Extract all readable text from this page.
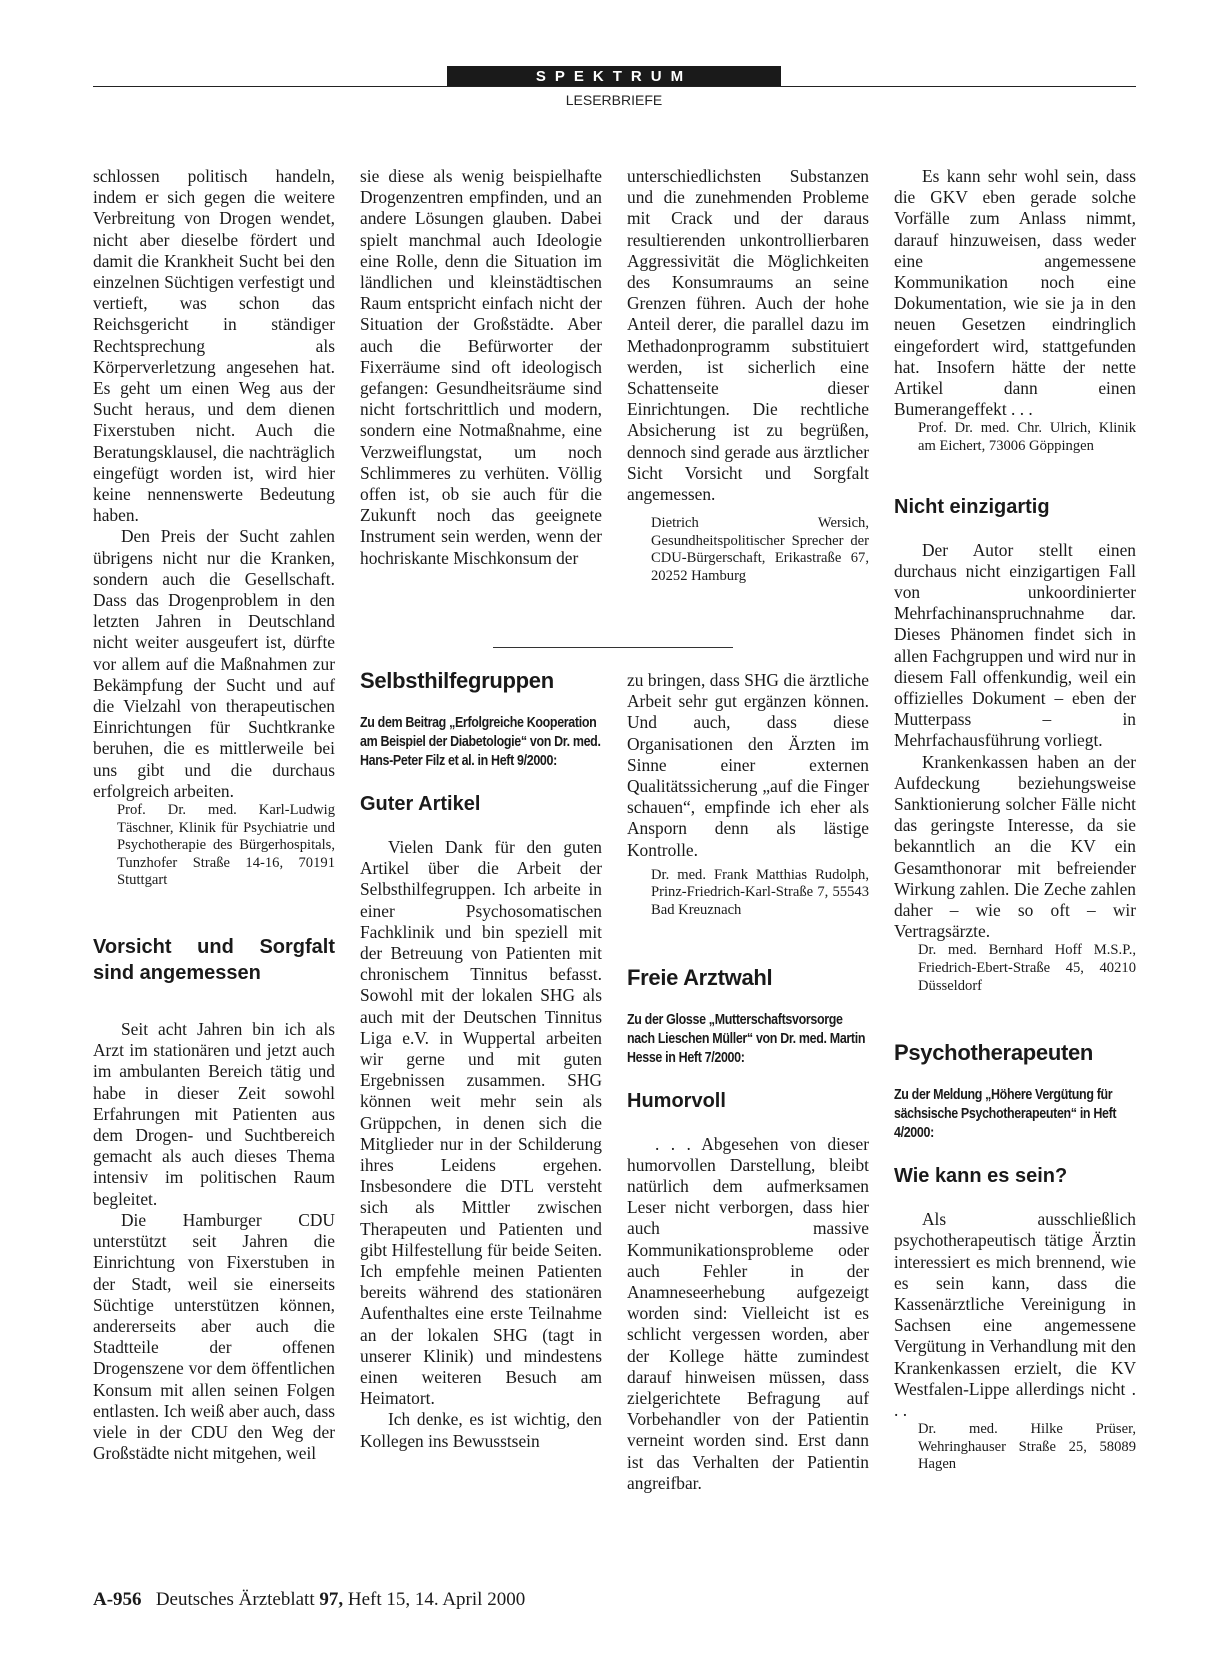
SPEKTRUM
LESERBRIEFE

schlossen politisch handeln, indem er sich gegen die weitere Verbreitung von Drogen wendet, nicht aber dieselbe fördert und damit die Krankheit Sucht bei den einzelnen Süchtigen verfestigt und vertieft, was schon das Reichsgericht in ständiger Rechtsprechung als Körperverletzung angesehen hat. Es geht um einen Weg aus der Sucht heraus, und dem dienen Fixerstuben nicht. Auch die Beratungsklausel, die nachträglich eingefügt worden ist, wird hier keine nennenswerte Bedeutung haben.

Den Preis der Sucht zahlen übrigens nicht nur die Kranken, sondern auch die Gesellschaft. Dass das Drogenproblem in den letzten Jahren in Deutschland nicht weiter ausgeufert ist, dürfte vor allem auf die Maßnahmen zur Bekämpfung der Sucht und auf die Vielzahl von therapeutischen Einrichtungen für Suchtkranke beruhen, die es mittlerweile bei uns gibt und die durchaus erfolgreich arbeiten.

Prof. Dr. med. Karl-Ludwig Täschner, Klinik für Psychiatrie und Psychotherapie des Bürgerhospitals, Tunzhofer Straße 14-16, 70191 Stuttgart

Vorsicht und Sorgfalt sind angemessen

Seit acht Jahren bin ich als Arzt im stationären und jetzt auch im ambulanten Bereich tätig und habe in dieser Zeit sowohl Erfahrungen mit Patienten aus dem Drogen- und Suchtbereich gemacht als auch dieses Thema intensiv im politischen Raum begleitet.

Die Hamburger CDU unterstützt seit Jahren die Einrichtung von Fixerstuben in der Stadt, weil sie einerseits Süchtige unterstützen können, andererseits aber auch die Stadtteile der offenen Drogenszene vor dem öffentlichen Konsum mit allen seinen Folgen entlasten. Ich weiß aber auch, dass viele in der CDU den Weg der Großstädte nicht mitgehen, weil

sie diese als wenig beispielhafte Drogenzentren empfinden, und an andere Lösungen glauben. Dabei spielt manchmal auch Ideologie eine Rolle, denn die Situation im ländlichen und kleinstädtischen Raum entspricht einfach nicht der Situation der Großstädte. Aber auch die Befürworter der Fixerräume sind oft ideologisch gefangen: Gesundheitsräume sind nicht fortschrittlich und modern, sondern eine Notmaßnahme, eine Verzweiflungstat, um noch Schlimmeres zu verhüten. Völlig offen ist, ob sie auch für die Zukunft noch das geeignete Instrument sein werden, wenn der hochriskante Mischkonsum der

Selbsthilfegruppen
Zu dem Beitrag „Erfolgreiche Kooperation am Beispiel der Diabetologie“ von Dr. med. Hans-Peter Filz et al. in Heft 9/2000:
Guter Artikel

Vielen Dank für den guten Artikel über die Arbeit der Selbsthilfegruppen. Ich arbeite in einer Psychosomatischen Fachklinik und bin speziell mit der Betreuung von Patienten mit chronischem Tinnitus befasst. Sowohl mit der lokalen SHG als auch mit der Deutschen Tinnitus Liga e.V. in Wuppertal arbeiten wir gerne und mit guten Ergebnissen zusammen. SHG können weit mehr sein als Grüppchen, in denen sich die Mitglieder nur in der Schilderung ihres Leidens ergehen. Insbesondere die DTL versteht sich als Mittler zwischen Therapeuten und Patienten und gibt Hilfestellung für beide Seiten. Ich empfehle meinen Patienten bereits während des stationären Aufenthaltes eine erste Teilnahme an der lokalen SHG (tagt in unserer Klinik) und mindestens einen weiteren Besuch am Heimatort.

Ich denke, es ist wichtig, den Kollegen ins Bewusstsein

unterschiedlichsten Substanzen und die zunehmenden Probleme mit Crack und der daraus resultierenden unkontrollierbaren Aggressivität die Möglichkeiten des Konsumraums an seine Grenzen führen. Auch der hohe Anteil derer, die parallel dazu im Methadonprogramm substituiert werden, ist sicherlich eine Schattenseite dieser Einrichtungen. Die rechtliche Absicherung ist zu begrüßen, dennoch sind gerade aus ärztlicher Sicht Vorsicht und Sorgfalt angemessen.

Dietrich Wersich, Gesundheitspolitischer Sprecher der CDU-Bürgerschaft, Erikastraße 67, 20252 Hamburg

zu bringen, dass SHG die ärztliche Arbeit sehr gut ergänzen können. Und auch, dass diese Organisationen den Ärzten im Sinne einer externen Qualitätssicherung „auf die Finger schauen“, empfinde ich eher als Ansporn denn als lästige Kontrolle.

Dr. med. Frank Matthias Rudolph, Prinz-Friedrich-Karl-Straße 7, 55543 Bad Kreuznach

Freie Arztwahl
Zu der Glosse „Mutterschaftsvorsorge nach Lieschen Müller“ von Dr. med. Martin Hesse in Heft 7/2000:
Humorvoll

. . . Abgesehen von dieser humorvollen Darstellung, bleibt natürlich dem aufmerksamen Leser nicht verborgen, dass hier auch massive Kommunikationsprobleme oder auch Fehler in der Anamneseerhebung aufgezeigt worden sind: Vielleicht ist es schlicht vergessen worden, aber der Kollege hätte zumindest darauf hinweisen müssen, dass zielgerichtete Befragung auf Vorbehandler von der Patientin verneint worden sind. Erst dann ist das Verhalten der Patientin angreifbar.

Es kann sehr wohl sein, dass die GKV eben gerade solche Vorfälle zum Anlass nimmt, darauf hinzuweisen, dass weder eine angemessene Kommunikation noch eine Dokumentation, wie sie ja in den neuen Gesetzen eindringlich eingefordert wird, stattgefunden hat. Insofern hätte der nette Artikel dann einen Bumerangeffekt . . .

Prof. Dr. med. Chr. Ulrich, Klinik am Eichert, 73006 Göppingen

Nicht einzigartig

Der Autor stellt einen durchaus nicht einzigartigen Fall von unkoordinierter Mehrfachinanspruchnahme dar. Dieses Phänomen findet sich in allen Fachgruppen und wird nur in diesem Fall offenkundig, weil ein offizielles Dokument – eben der Mutterpass – in Mehrfachausführung vorliegt.

Krankenkassen haben an der Aufdeckung beziehungsweise Sanktionierung solcher Fälle nicht das geringste Interesse, da sie bekanntlich an die KV ein Gesamthonorar mit befreiender Wirkung zahlen. Die Zeche zahlen daher – wie so oft – wir Vertragsärzte.

Dr. med. Bernhard Hoff M.S.P., Friedrich-Ebert-Straße 45, 40210 Düsseldorf

Psychotherapeuten
Zu der Meldung „Höhere Vergütung für sächsische Psychotherapeuten“ in Heft 4/2000:
Wie kann es sein?

Als ausschließlich psychotherapeutisch tätige Ärztin interessiert es mich brennend, wie es sein kann, dass die Kassenärztliche Vereinigung in Sachsen eine angemessene Vergütung in Verhandlung mit den Krankenkassen erzielt, die KV Westfalen-Lippe allerdings nicht . . .

Dr. med. Hilke Prüser, Wehringhauser Straße 25, 58089 Hagen

A-956 Deutsches Ärzteblatt 97, Heft 15, 14. April 2000
